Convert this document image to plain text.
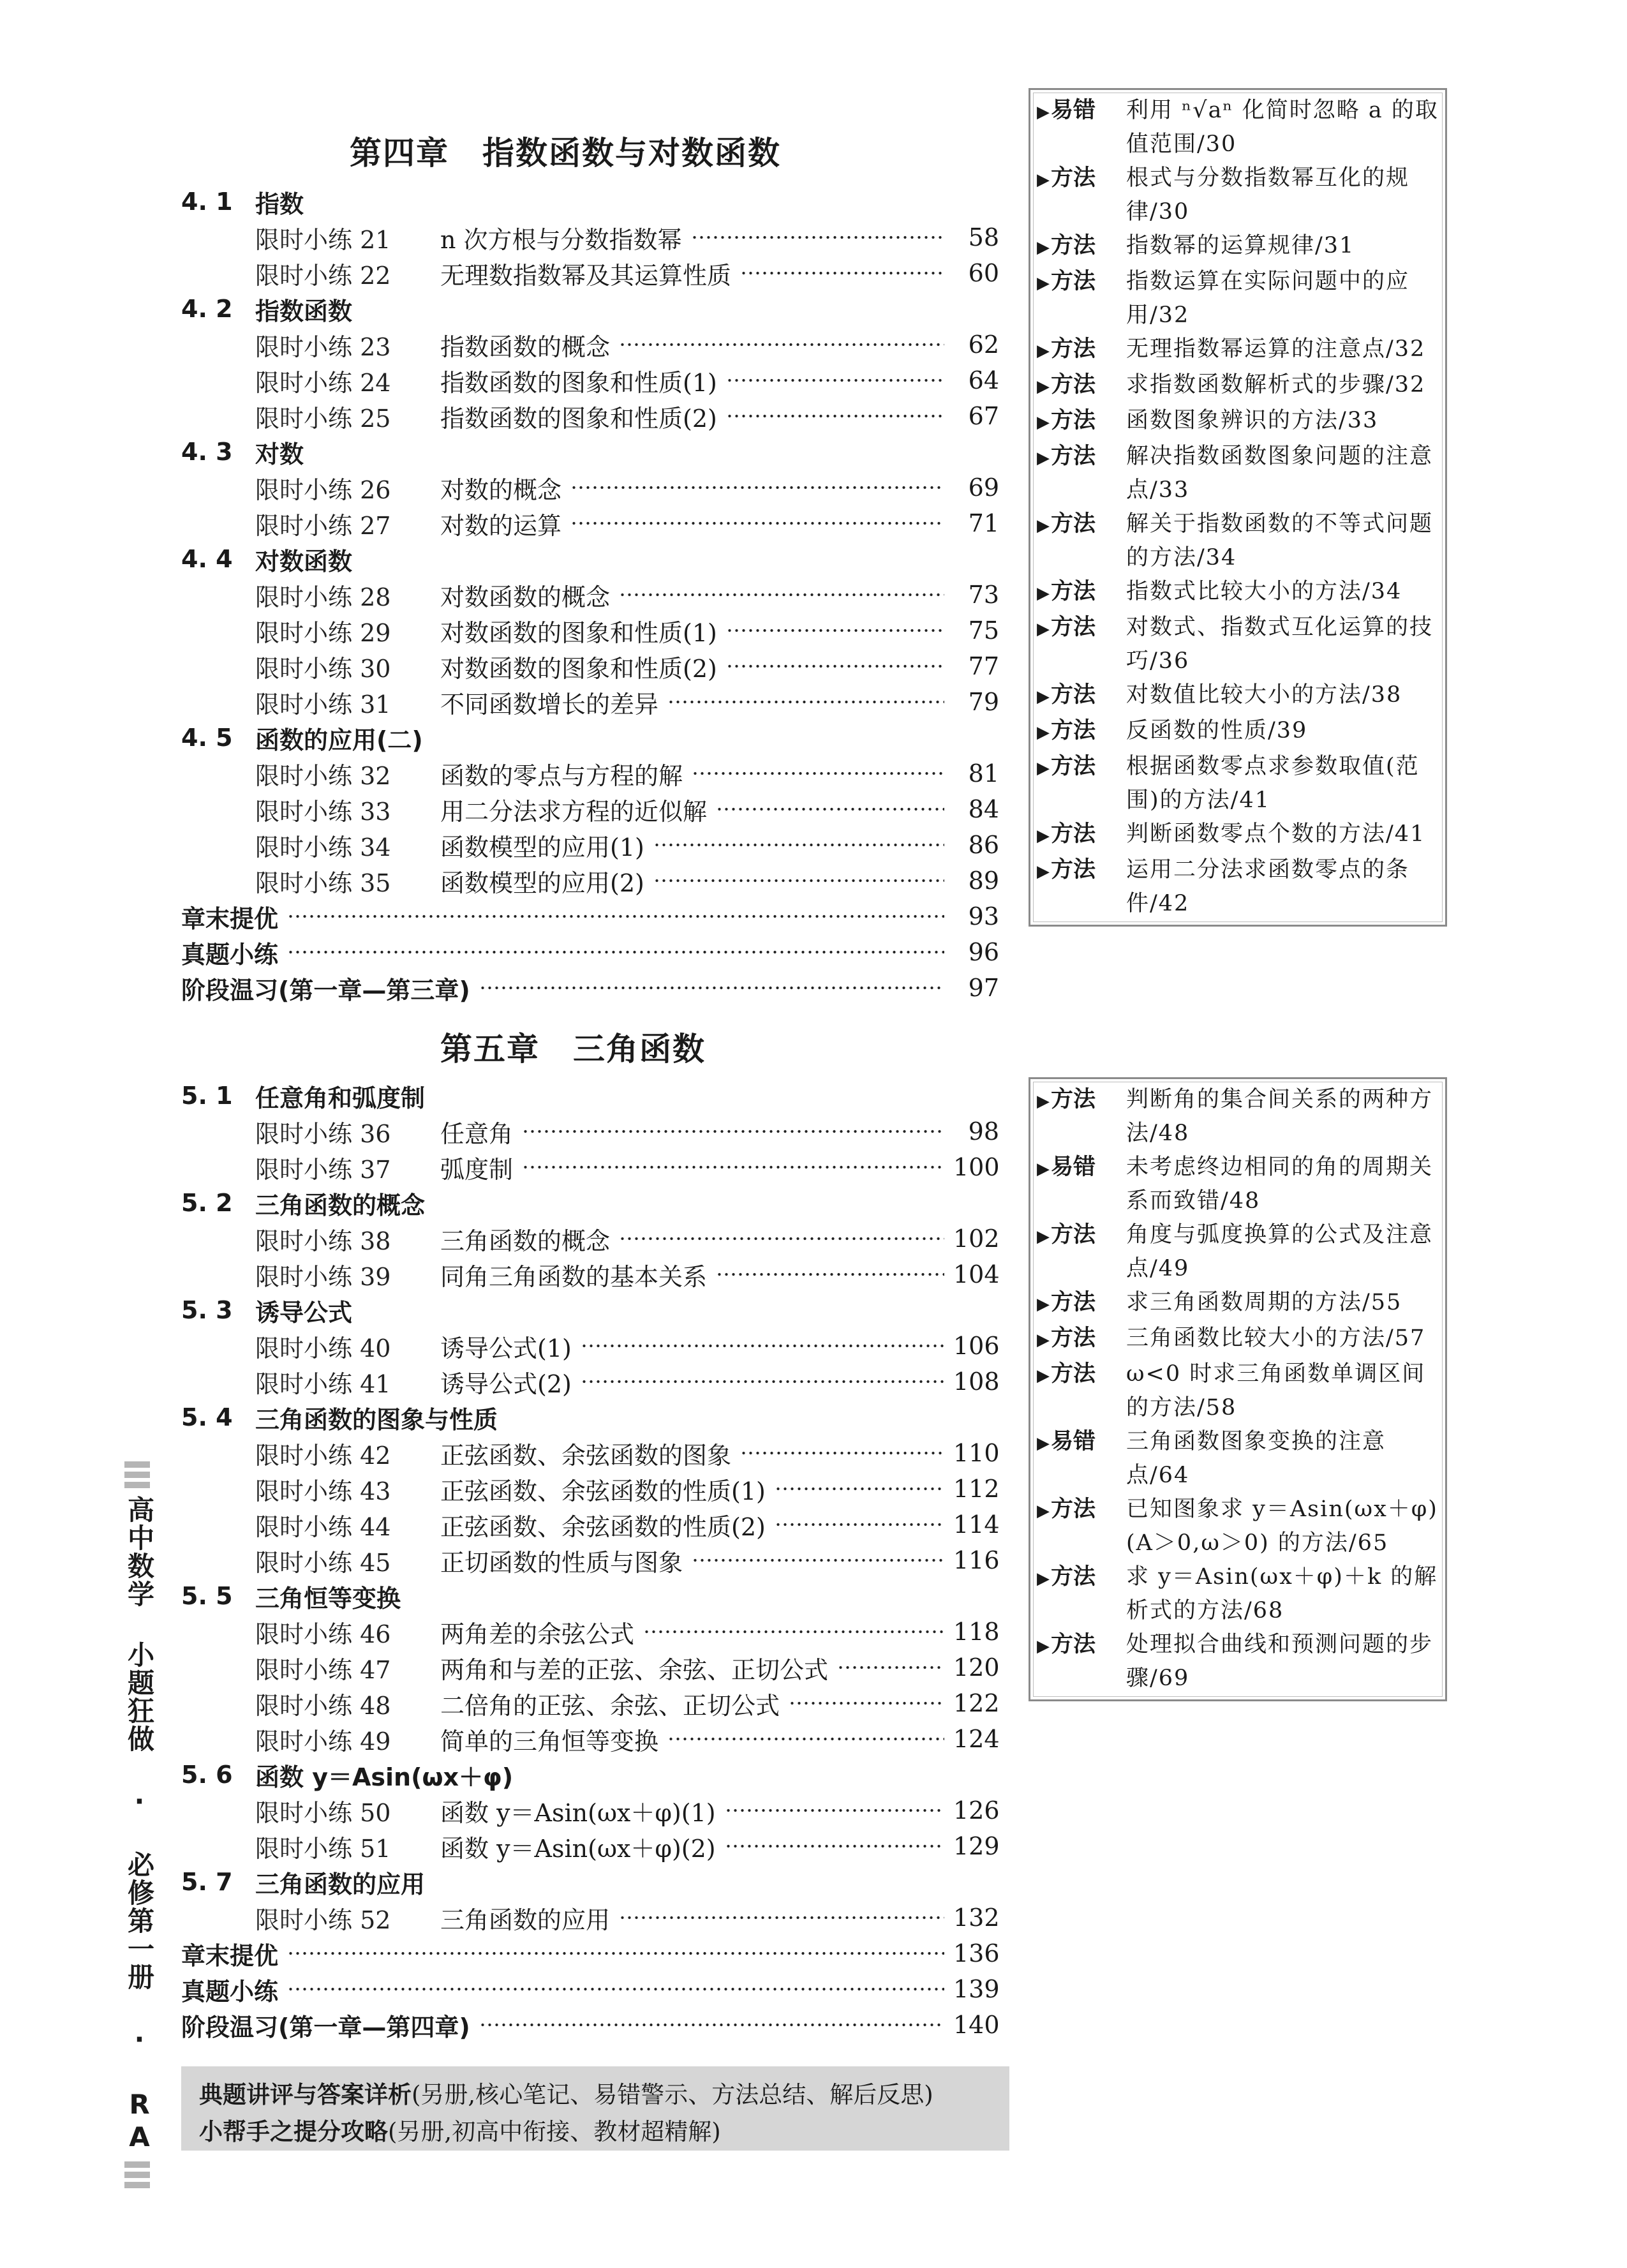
第四章　指数函数与对数函数
4. 1 指数
限时小练 21	n 次方根与分数指数幂	58
限时小练 22	无理数指数幂及其运算性质	60
4. 2 指数函数
限时小练 23	指数函数的概念	62
限时小练 24	指数函数的图象和性质(1)	64
限时小练 25	指数函数的图象和性质(2)	67
4. 3 对数
限时小练 26	对数的概念	69
限时小练 27	对数的运算	71
4. 4 对数函数
限时小练 28	对数函数的概念	73
限时小练 29	对数函数的图象和性质(1)	75
限时小练 30	对数函数的图象和性质(2)	77
限时小练 31	不同函数增长的差异	79
4. 5 函数的应用(二)
限时小练 32	函数的零点与方程的解	81
限时小练 33	用二分法求方程的近似解	84
限时小练 34	函数模型的应用(1)	86
限时小练 35	函数模型的应用(2)	89
章末提优	93
真题小练	96
阶段温习(第一章—第三章)	97
第五章　三角函数
5. 1 任意角和弧度制
限时小练 36	任意角	98
限时小练 37	弧度制	100
5. 2 三角函数的概念
限时小练 38	三角函数的概念	102
限时小练 39	同角三角函数的基本关系	104
5. 3 诱导公式
限时小练 40	诱导公式(1)	106
限时小练 41	诱导公式(2)	108
5. 4 三角函数的图象与性质
限时小练 42	正弦函数、余弦函数的图象	110
限时小练 43	正弦函数、余弦函数的性质(1)	112
限时小练 44	正弦函数、余弦函数的性质(2)	114
限时小练 45	正切函数的性质与图象	116
5. 5 三角恒等变换
限时小练 46	两角差的余弦公式	118
限时小练 47	两角和与差的正弦、余弦、正切公式	120
限时小练 48	二倍角的正弦、余弦、正切公式	122
限时小练 49	简单的三角恒等变换	124
5. 6 函数 y＝Asin(ωx＋φ)
限时小练 50	函数 y＝Asin(ωx＋φ)(1)	126
限时小练 51	函数 y＝Asin(ωx＋φ)(2)	129
5. 7 三角函数的应用
限时小练 52	三角函数的应用	132
章末提优	136
真题小练	139
阶段温习(第一章—第四章)	140
典题讲评与答案详析(另册,核心笔记、易错警示、方法总结、解后反思)
小帮手之提分攻略(另册,初高中衔接、教材超精解)
▶易错	利用 ⁿ√aⁿ 化简时忽略 a 的取值范围/30
▶方法	根式与分数指数幂互化的规律/30
▶方法	指数幂的运算规律/31
▶方法	指数运算在实际问题中的应用/32
▶方法	无理指数幂运算的注意点/32
▶方法	求指数函数解析式的步骤/32
▶方法	函数图象辨识的方法/33
▶方法	解决指数函数图象问题的注意点/33
▶方法	解关于指数函数的不等式问题的方法/34
▶方法	指数式比较大小的方法/34
▶方法	对数式、指数式互化运算的技巧/36
▶方法	对数值比较大小的方法/38
▶方法	反函数的性质/39
▶方法	根据函数零点求参数取值(范围)的方法/41
▶方法	判断函数零点个数的方法/41
▶方法	运用二分法求函数零点的条件/42
▶方法	判断角的集合间关系的两种方法/48
▶易错	未考虑终边相同的角的周期关系而致错/48
▶方法	角度与弧度换算的公式及注意点/49
▶方法	求三角函数周期的方法/55
▶方法	三角函数比较大小的方法/57
▶方法	ω<0 时求三角函数单调区间的方法/58
▶易错	三角函数图象变换的注意点/64
▶方法	已知图象求 y＝Asin(ωx＋φ)(A＞0,ω＞0) 的方法/65
▶方法	求 y＝Asin(ωx＋φ)＋k 的解析式的方法/68
▶方法	处理拟合曲线和预测问题的步骤/69
高中数学 小题狂做 · 必修第一册 · RA
